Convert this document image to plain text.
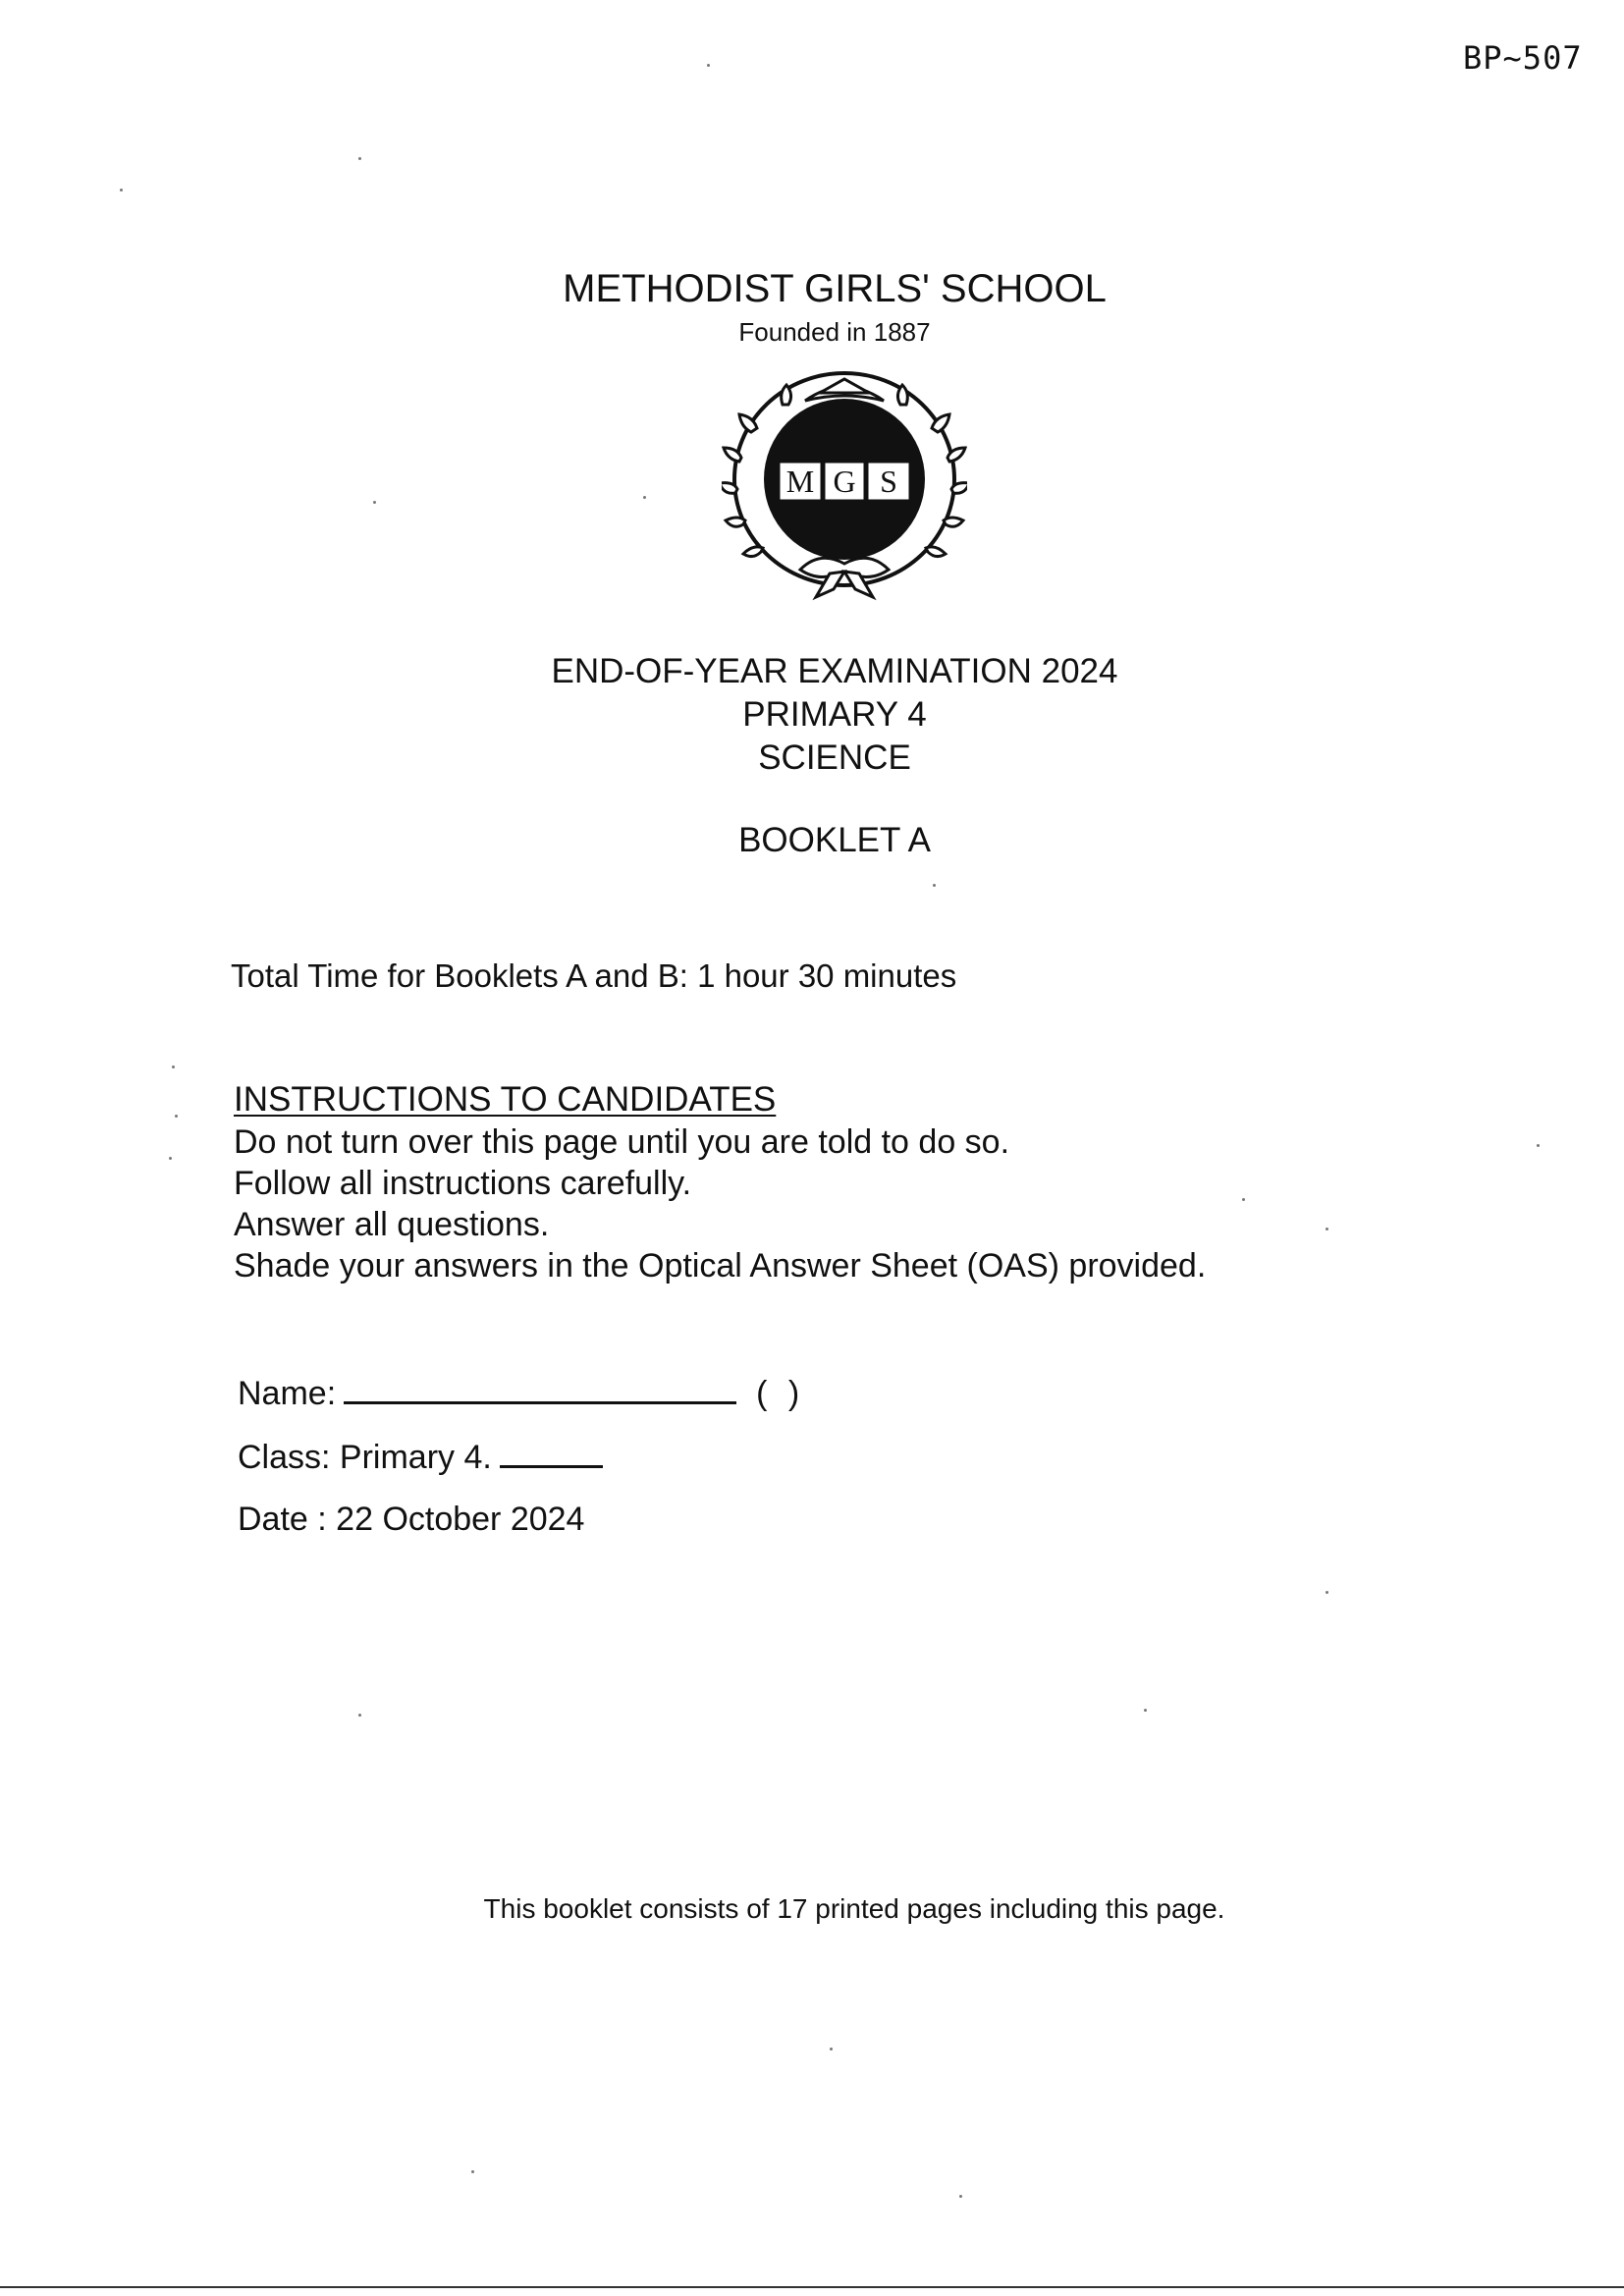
BP~507
METHODIST GIRLS' SCHOOL
Founded in 1887
M G S
END-OF-YEAR EXAMINATION 2024
PRIMARY 4
SCIENCE
BOOKLET A
Total Time for Booklets A and B: 1 hour 30 minutes
INSTRUCTIONS TO CANDIDATES
Do not turn over this page until you are told to do so.
Follow all instructions carefully.
Answer all questions.
Shade your answers in the Optical Answer Sheet (OAS) provided.
Name:	( )
Class: Primary 4.
Date : 22 October 2024
This booklet consists of 17 printed pages including this page.
